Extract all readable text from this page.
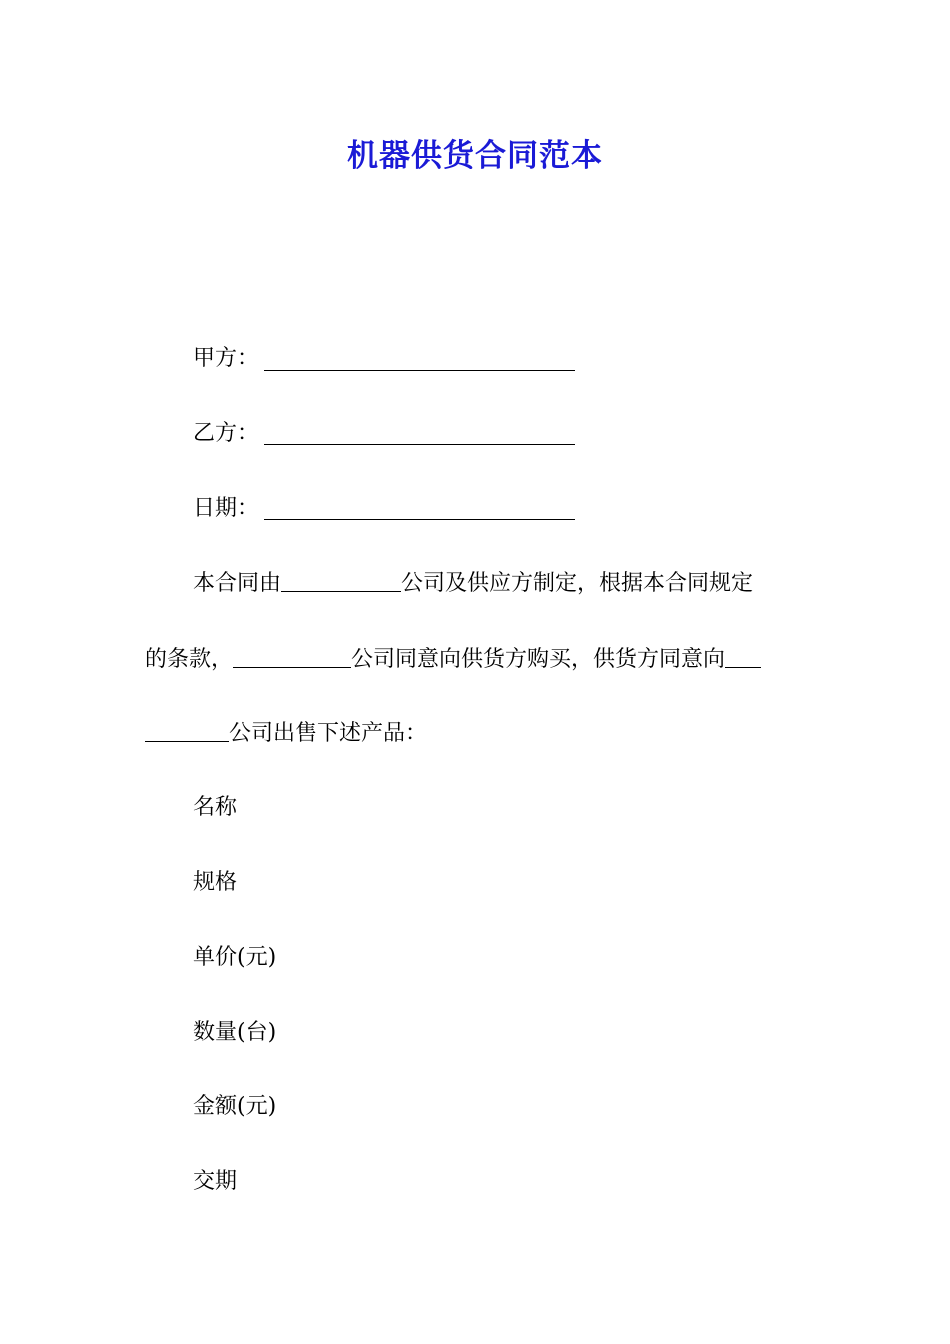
机器供货合同范本
甲方：
乙方：
日期：
本合同由	公司及供应方制定，根据本合同规定
的条款，	公司同意向供货方购买，供货方同意向
公司出售下述产品：
名称
规格
单价(元)
数量(台)
金额(元)
交期
